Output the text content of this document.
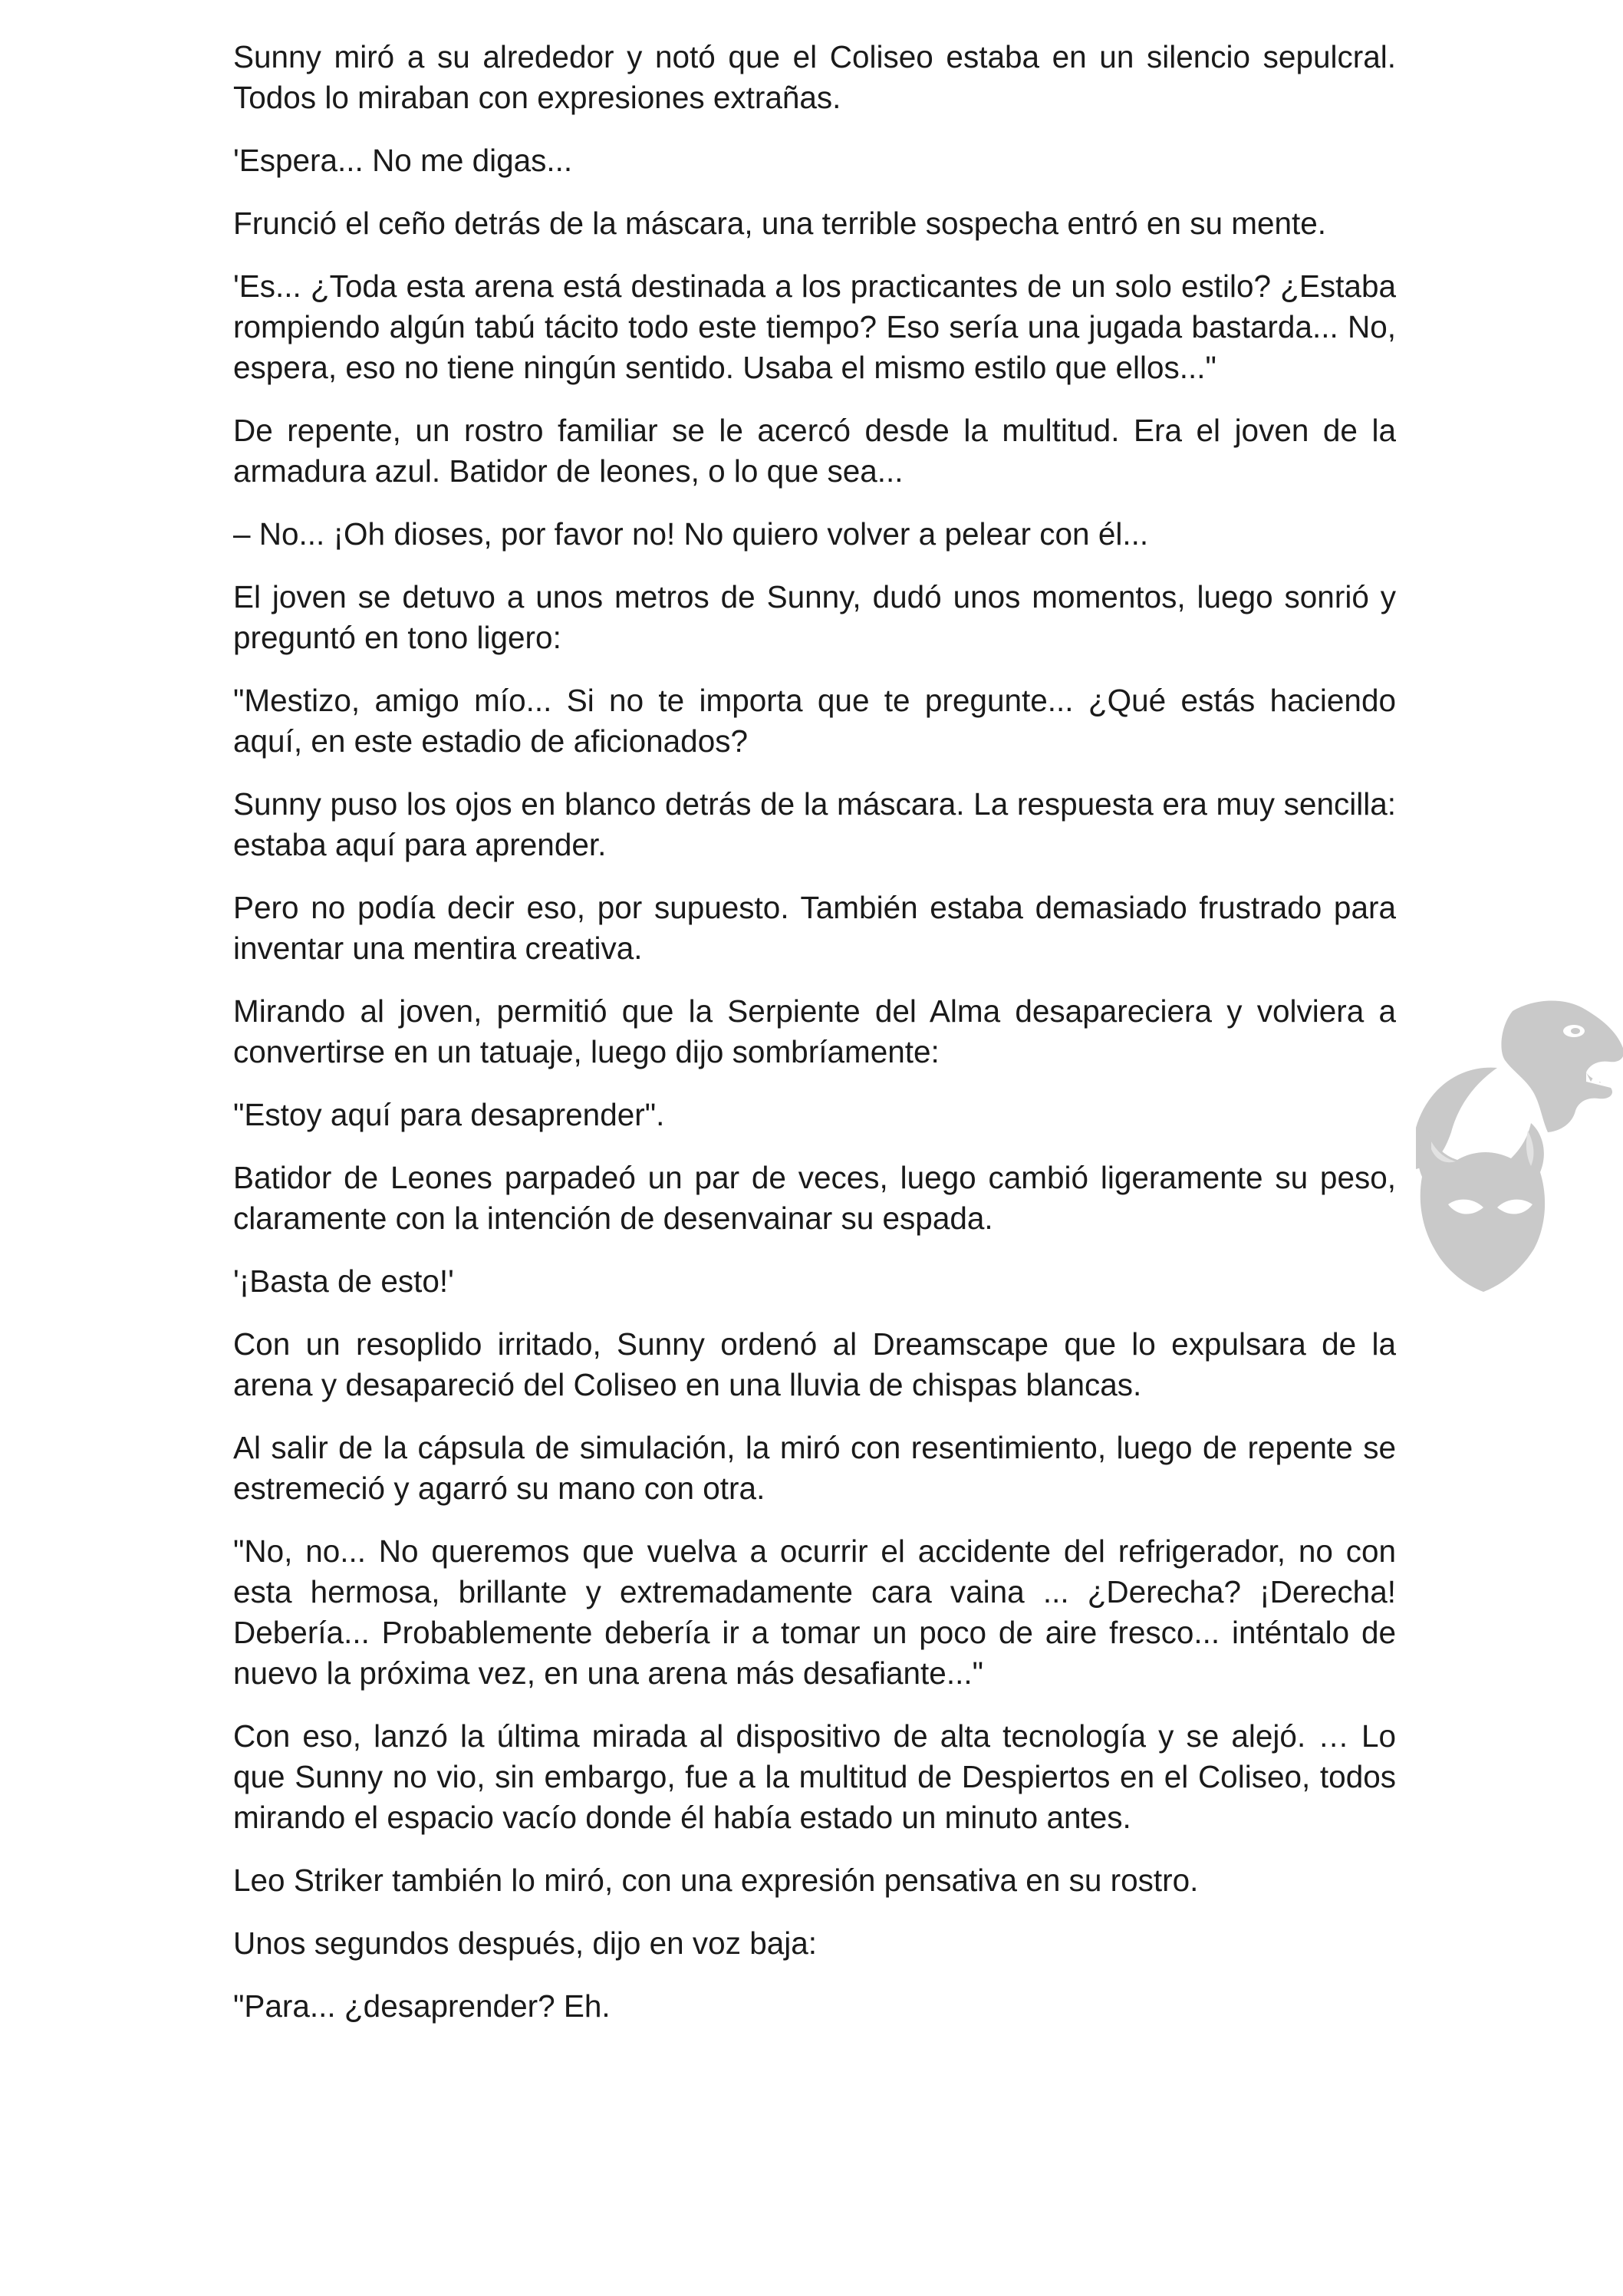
Sunny miró a su alrededor y notó que el Coliseo estaba en un silencio sepulcral. Todos lo miraban con expresiones extrañas.

'Espera... No me digas...

Frunció el ceño detrás de la máscara, una terrible sospecha entró en su mente.

'Es... ¿Toda esta arena está destinada a los practicantes de un solo estilo? ¿Estaba rompiendo algún tabú tácito todo este tiempo? Eso sería una jugada bastarda... No, espera, eso no tiene ningún sentido. Usaba el mismo estilo que ellos..."

De repente, un rostro familiar se le acercó desde la multitud. Era el joven de la armadura azul. Batidor de leones, o lo que sea...

– No... ¡Oh dioses, por favor no! No quiero volver a pelear con él...

El joven se detuvo a unos metros de Sunny, dudó unos momentos, luego sonrió y preguntó en tono ligero:

"Mestizo, amigo mío... Si no te importa que te pregunte... ¿Qué estás haciendo aquí, en este estadio de aficionados?

Sunny puso los ojos en blanco detrás de la máscara. La respuesta era muy sencilla: estaba aquí para aprender.

Pero no podía decir eso, por supuesto. También estaba demasiado frustrado para inventar una mentira creativa.

Mirando al joven, permitió que la Serpiente del Alma desapareciera y volviera a convertirse en un tatuaje, luego dijo sombríamente:

"Estoy aquí para desaprender".

Batidor de Leones parpadeó un par de veces, luego cambió ligeramente su peso, claramente con la intención de desenvainar su espada.

'¡Basta de esto!'

Con un resoplido irritado, Sunny ordenó al Dreamscape que lo expulsara de la arena y desapareció del Coliseo en una lluvia de chispas blancas.

Al salir de la cápsula de simulación, la miró con resentimiento, luego de repente se estremeció y agarró su mano con otra.

"No, no... No queremos que vuelva a ocurrir el accidente del refrigerador, no con esta hermosa, brillante y extremadamente cara vaina ... ¿Derecha? ¡Derecha! Debería... Probablemente debería ir a tomar un poco de aire fresco... inténtalo de nuevo la próxima vez, en una arena más desafiante..."

Con eso, lanzó la última mirada al dispositivo de alta tecnología y se alejó. … Lo que Sunny no vio, sin embargo, fue a la multitud de Despiertos en el Coliseo, todos mirando el espacio vacío donde él había estado un minuto antes.

Leo Striker también lo miró, con una expresión pensativa en su rostro.

Unos segundos después, dijo en voz baja:

"Para... ¿desaprender? Eh.
